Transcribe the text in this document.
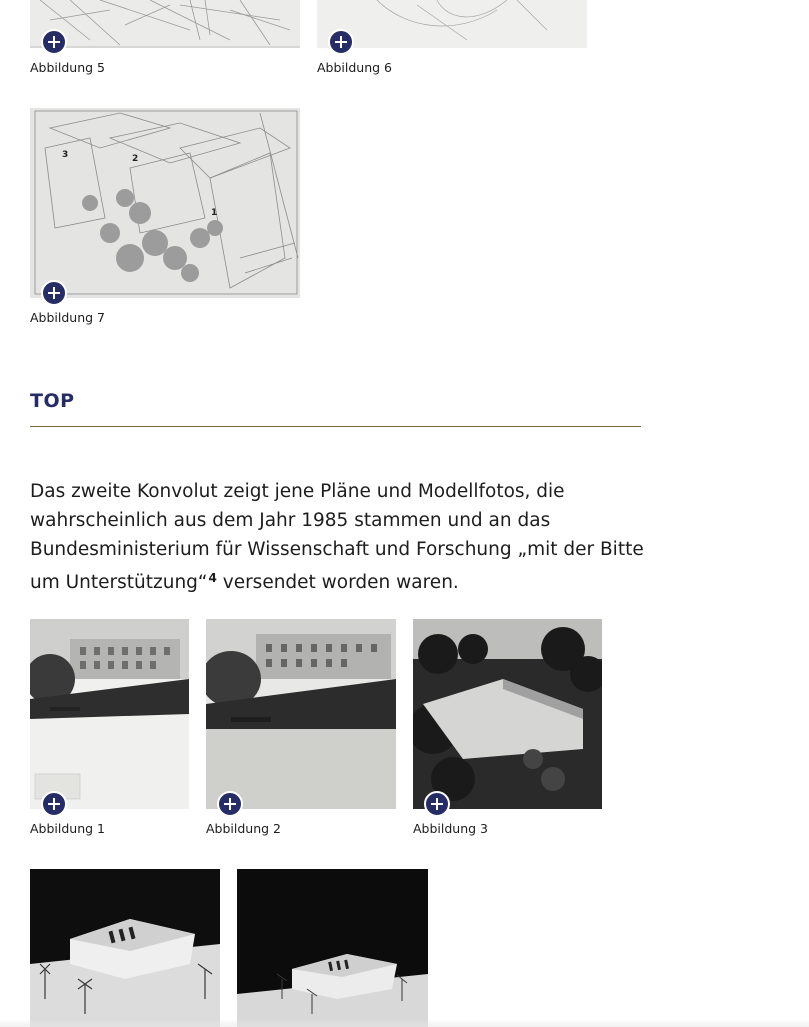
Abbildung 5	Abbildung 6
3	2
1
Abbildung 7
TOP
Das zweite Konvolut zeigt jene Pläne und Modellfotos, die wahrscheinlich aus dem Jahr 1985 stammen und an das Bundesministerium für Wissenschaft und Forschung „mit der Bitte um Unterstützung“$^4$ versendet worden waren.
Abbildung 1	Abbildung 2	Abbildung 3
